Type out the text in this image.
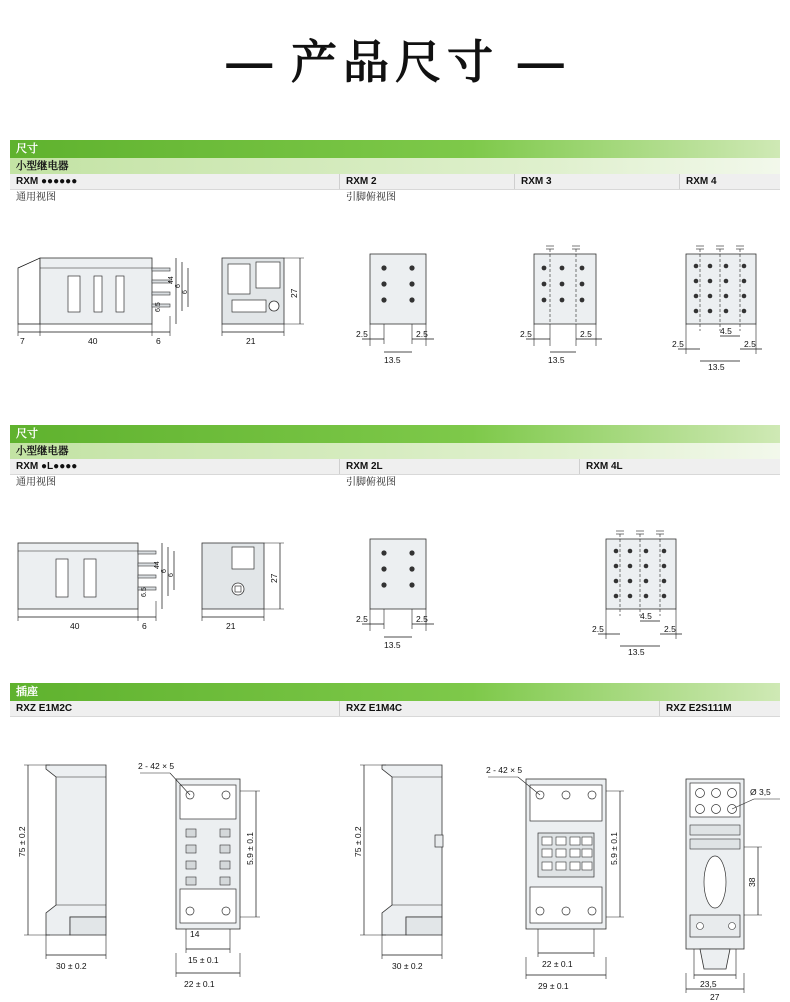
— 产品尺寸 —
尺寸
小型继电器
RXM ●●●●●●	RXM 2	RXM 3	RXM 4
通用视图	引脚俯视图
44
6
6
6.5
7	40	6
27
21
2.5	2.5
13.5
2.5	2.5
13.5
4.5
2.5	2.5
13.5
尺寸
小型继电器
RXM ●L●●●●	RXM 2L	RXM 4L
通用视图	引脚俯视图
44
6
6
6.5
40	6
27
21
2.5	2.5
13.5
4.5
2.5	2.5
13.5
插座
RXZ E1M2C	RXZ E1M4C	RXZ E2S111M
75 ± 0.2
30 ± 0.2
2 - 42 × 5
5.9 ± 0.1
14
15 ± 0.1
22 ± 0.1
75 ± 0.2
30 ± 0.2
2 - 42 × 5
5.9 ± 0.1
22 ± 0.1
29 ± 0.1
Ø 3,5
38
23,5
27
